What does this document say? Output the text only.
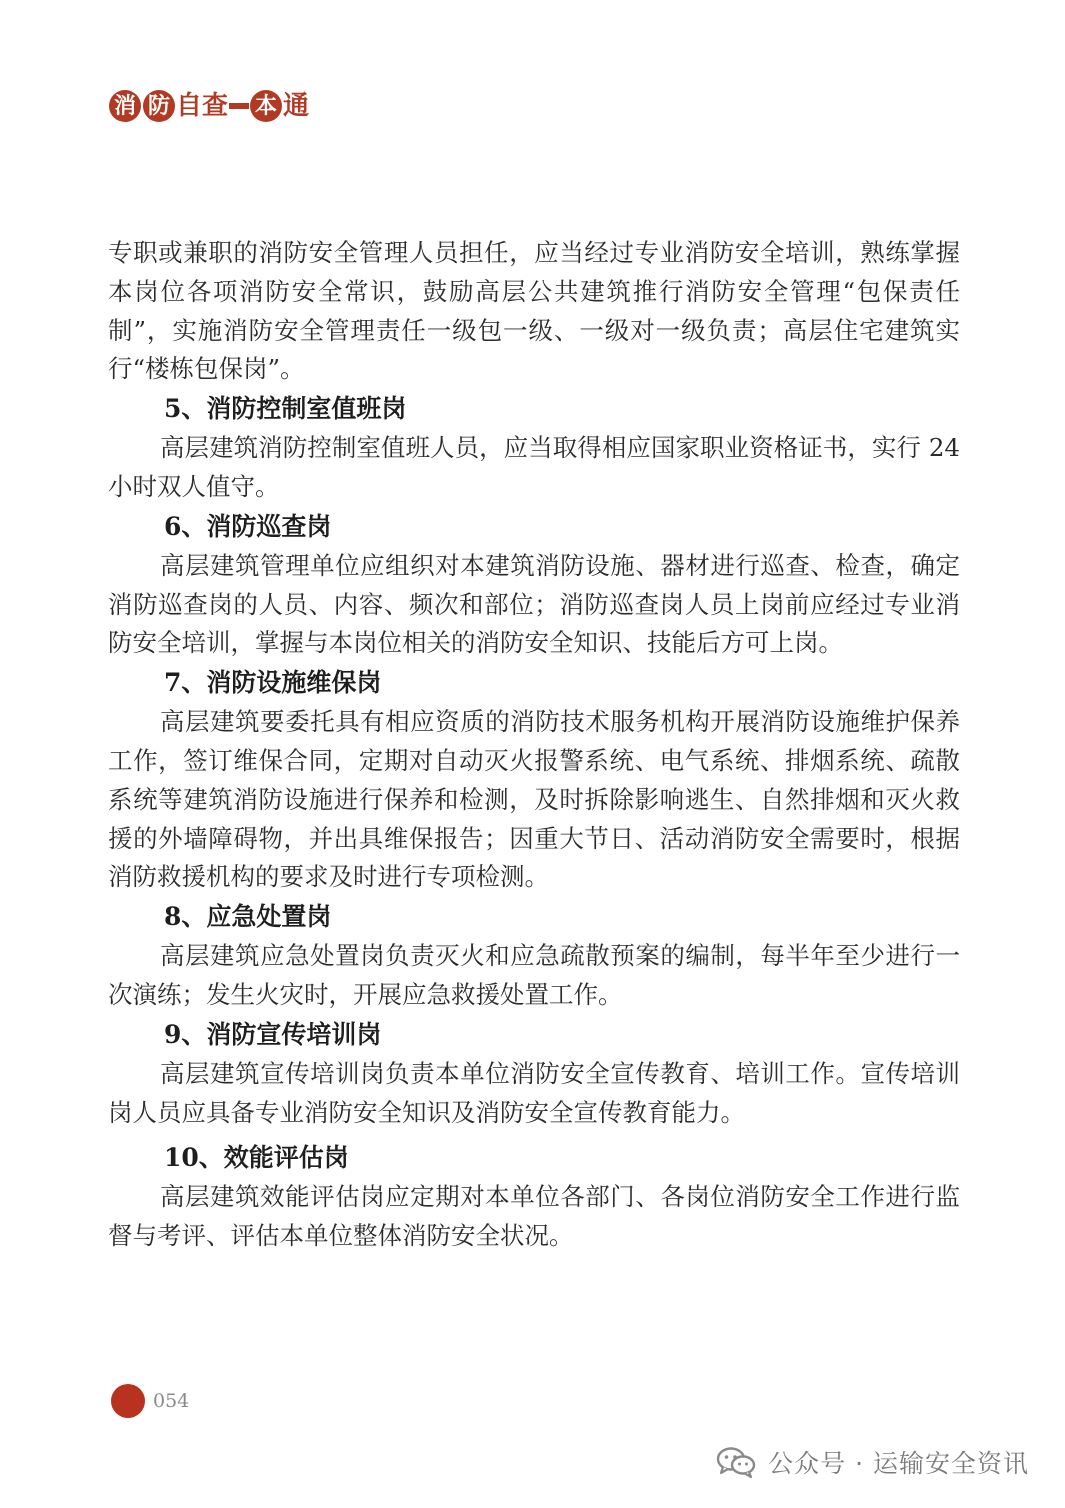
消 防 自 查 本 通

专职或兼职的消防安全管理人员担任，应当经过专业消防安全培训，熟练掌握本岗位各项消防安全常识，鼓励高层公共建筑推行消防安全管理“包保责任制”，实施消防安全管理责任一级包一级、一级对一级负责；高层住宅建筑实行“楼栋包保岗”。

5、消防控制室值班岗

高层建筑消防控制室值班人员，应当取得相应国家职业资格证书，实行 24 小时双人值守。

6、消防巡查岗

高层建筑管理单位应组织对本建筑消防设施、器材进行巡查、检查，确定消防巡查岗的人员、内容、频次和部位；消防巡查岗人员上岗前应经过专业消防安全培训，掌握与本岗位相关的消防安全知识、技能后方可上岗。

7、消防设施维保岗

高层建筑要委托具有相应资质的消防技术服务机构开展消防设施维护保养工作，签订维保合同，定期对自动灭火报警系统、电气系统、排烟系统、疏散系统等建筑消防设施进行保养和检测，及时拆除影响逃生、自然排烟和灭火救援的外墙障碍物，并出具维保报告；因重大节日、活动消防安全需要时，根据消防救援机构的要求及时进行专项检测。

8、应急处置岗

高层建筑应急处置岗负责灭火和应急疏散预案的编制，每半年至少进行一次演练；发生火灾时，开展应急救援处置工作。

9、消防宣传培训岗

高层建筑宣传培训岗负责本单位消防安全宣传教育、培训工作。宣传培训岗人员应具备专业消防安全知识及消防安全宣传教育能力。

10、效能评估岗

高层建筑效能评估岗应定期对本单位各部门、各岗位消防安全工作进行监督与考评、评估本单位整体消防安全状况。

054
公众号 · 运输安全资讯
